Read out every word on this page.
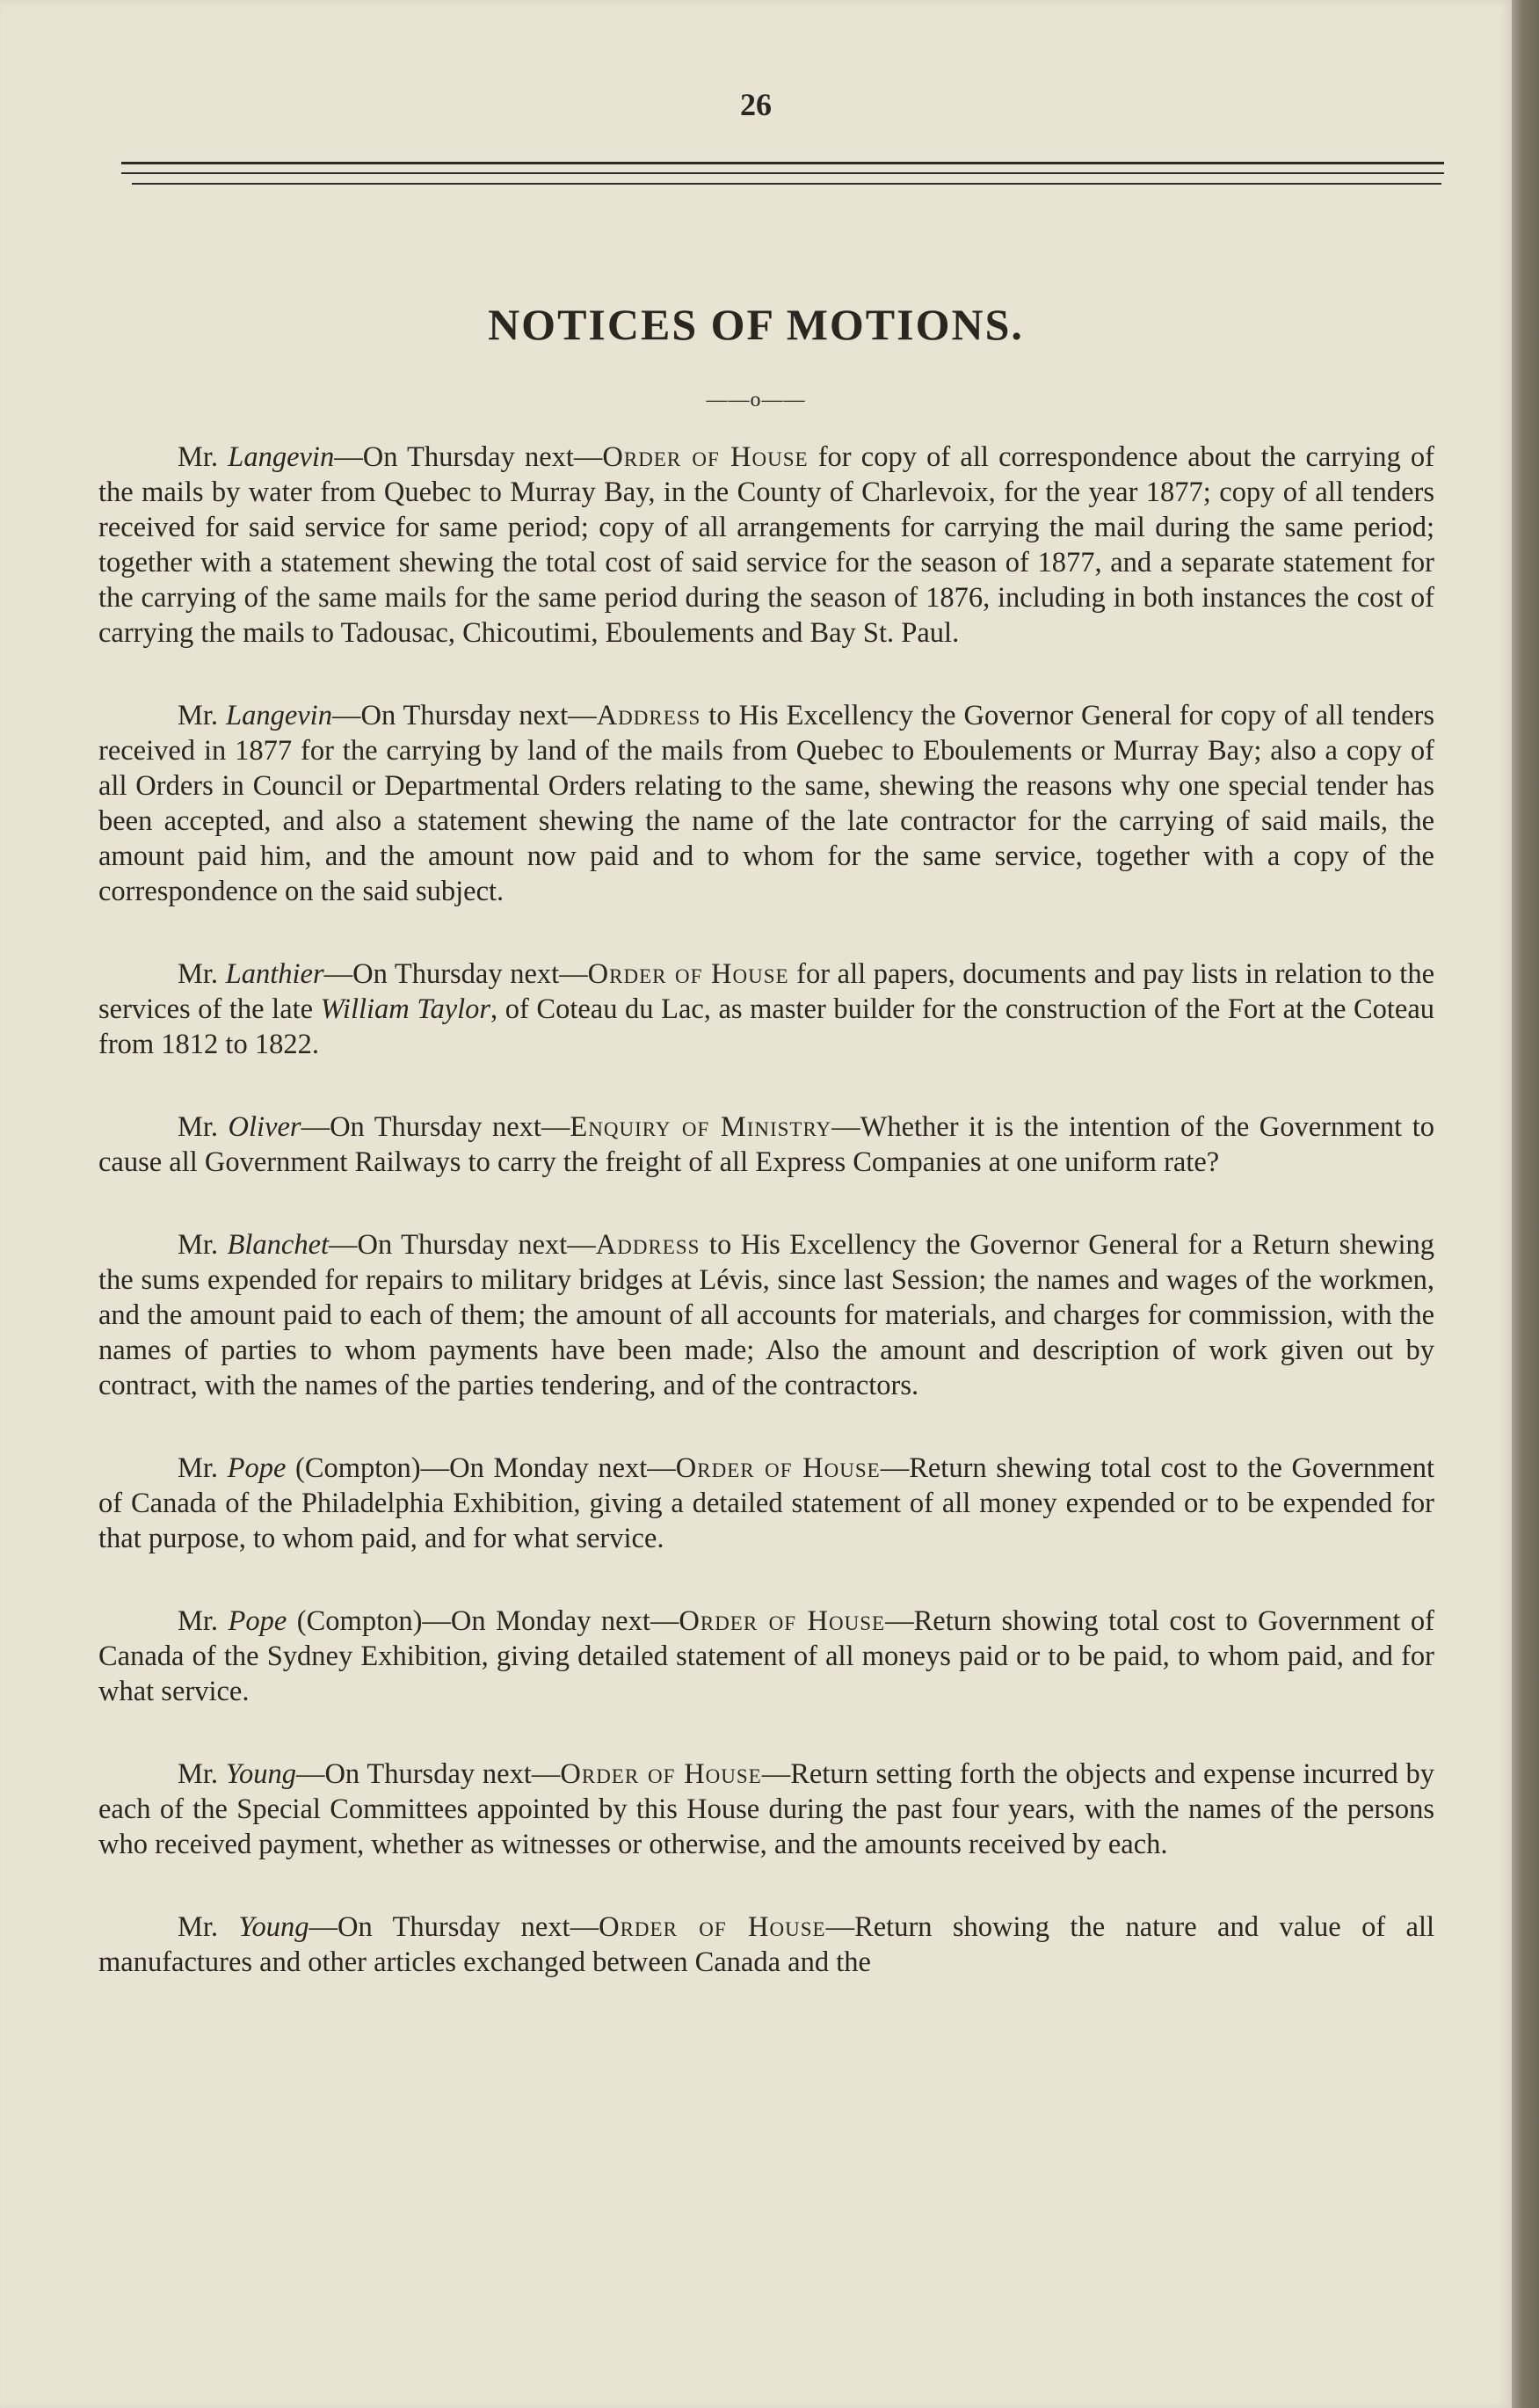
26
NOTICES OF MOTIONS.
——o——

Mr. Langevin—On Thursday next—Order of House for copy of all correspondence about the carrying of the mails by water from Quebec to Murray Bay, in the County of Charlevoix, for the year 1877; copy of all tenders received for said service for same period; copy of all arrangements for carrying the mail during the same period; together with a statement shewing the total cost of said service for the season of 1877, and a separate statement for the carrying of the same mails for the same period during the season of 1876, including in both instances the cost of carrying the mails to Tadousac, Chicoutimi, Eboulements and Bay St. Paul.

Mr. Langevin—On Thursday next—Address to His Excellency the Governor General for copy of all tenders received in 1877 for the carrying by land of the mails from Quebec to Eboulements or Murray Bay; also a copy of all Orders in Council or Departmental Orders relating to the same, shewing the reasons why one special tender has been accepted, and also a statement shewing the name of the late contractor for the carrying of said mails, the amount paid him, and the amount now paid and to whom for the same service, together with a copy of the correspondence on the said subject.

Mr. Lanthier—On Thursday next—Order of House for all papers, documents and pay lists in relation to the services of the late William Taylor, of Coteau du Lac, as master builder for the construction of the Fort at the Coteau from 1812 to 1822.

Mr. Oliver—On Thursday next—Enquiry of Ministry—Whether it is the intention of the Government to cause all Government Railways to carry the freight of all Express Companies at one uniform rate?

Mr. Blanchet—On Thursday next—Address to His Excellency the Governor General for a Return shewing the sums expended for repairs to military bridges at Lévis, since last Session; the names and wages of the workmen, and the amount paid to each of them; the amount of all accounts for materials, and charges for commission, with the names of parties to whom payments have been made; Also the amount and description of work given out by contract, with the names of the parties tendering, and of the contractors.

Mr. Pope (Compton)—On Monday next—Order of House—Return shewing total cost to the Government of Canada of the Philadelphia Exhibition, giving a detailed statement of all money expended or to be expended for that purpose, to whom paid, and for what service.

Mr. Pope (Compton)—On Monday next—Order of House—Return showing total cost to Government of Canada of the Sydney Exhibition, giving detailed statement of all moneys paid or to be paid, to whom paid, and for what service.

Mr. Young—On Thursday next—Order of House—Return setting forth the objects and expense incurred by each of the Special Committees appointed by this House during the past four years, with the names of the persons who received payment, whether as witnesses or otherwise, and the amounts received by each.

Mr. Young—On Thursday next—Order of House—Return showing the nature and value of all manufactures and other articles exchanged between Canada and the
